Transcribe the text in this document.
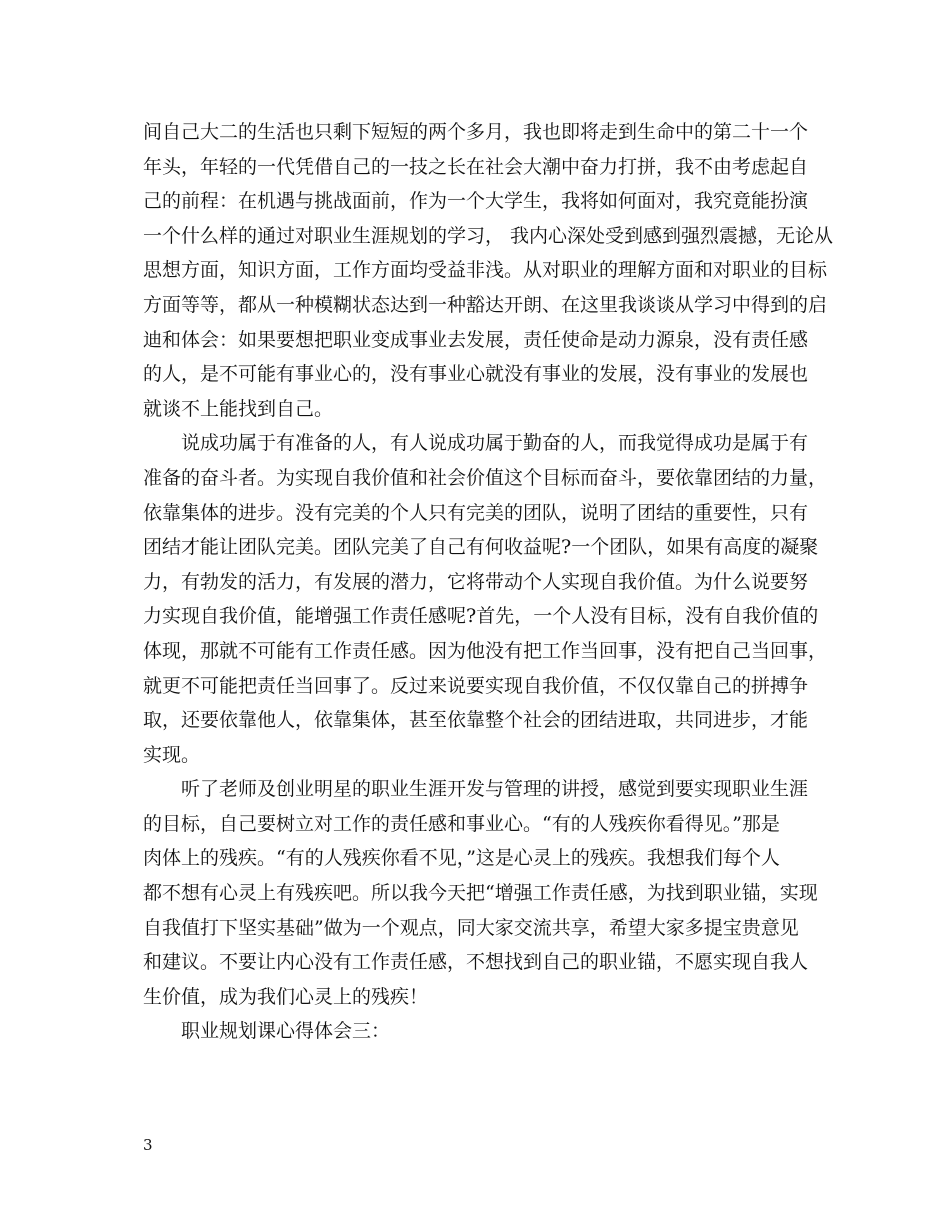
间自己大二的生活也只剩下短短的两个多月，我也即将走到生命中的第二十一个
年头，年轻的一代凭借自己的一技之长在社会大潮中奋力打拼，我不由考虑起自
己的前程：在机遇与挑战面前，作为一个大学生，我将如何面对，我究竟能扮演
一个什么样的通过对职业生涯规划的学习， 我内心深处受到感到强烈震撼，无论从
思想方面，知识方面，工作方面均受益非浅。从对职业的理解方面和对职业的目标
方面等等，都从一种模糊状态达到一种豁达开朗、在这里我谈谈从学习中得到的启
迪和体会：如果要想把职业变成事业去发展，责任使命是动力源泉，没有责任感
的人，是不可能有事业心的，没有事业心就没有事业的发展，没有事业的发展也
就谈不上能找到自己。
说成功属于有准备的人，有人说成功属于勤奋的人，而我觉得成功是属于有
准备的奋斗者。为实现自我价值和社会价值这个目标而奋斗，要依靠团结的力量，
依靠集体的进步。没有完美的个人只有完美的团队，说明了团结的重要性，只有
团结才能让团队完美。团队完美了自己有何收益呢?一个团队，如果有高度的凝聚
力，有勃发的活力，有发展的潜力，它将带动个人实现自我价值。为什么说要努
力实现自我价值，能增强工作责任感呢?首先，一个人没有目标，没有自我价值的
体现，那就不可能有工作责任感。因为他没有把工作当回事，没有把自己当回事，
就更不可能把责任当回事了。反过来说要实现自我价值，不仅仅靠自己的拼搏争
取，还要依靠他人，依靠集体，甚至依靠整个社会的团结进取，共同进步，才能
实现。
听了老师及创业明星的职业生涯开发与管理的讲授，感觉到要实现职业生涯
的目标，自己要树立对工作的责任感和事业心。“有的人残疾你看得见。”那是
肉体上的残疾。“有的人残疾你看不见，”这是心灵上的残疾。我想我们每个人
都不想有心灵上有残疾吧。所以我今天把“增强工作责任感，为找到职业锚，实现
自我值打下坚实基础”做为一个观点，同大家交流共享，希望大家多提宝贵意见
和建议。不要让内心没有工作责任感，不想找到自己的职业锚，不愿实现自我人
生价值，成为我们心灵上的残疾！
职业规划课心得体会三：
3
